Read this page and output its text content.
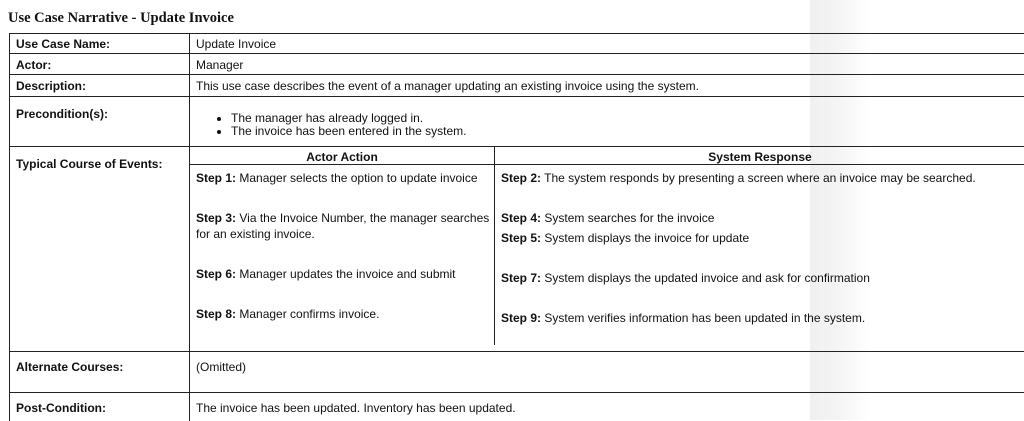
Use Case Narrative - Update Invoice
Use Case Name:	Update Invoice
Actor:	Manager
Description:	This use case describes the event of a manager updating an existing invoice using the system.
Precondition(s):
•	The manager has already logged in.
• The invoice has been entered in the system.
Typical Course of Events:	Actor Action	System Response
Step 1: Manager selects the option to update invoice
Step 3: Via the Invoice Number, the manager searches
for an existing invoice.
Step 6: Manager updates the invoice and submit
Step 8: Manager confirms invoice.
Step 2: The system responds by presenting a screen where an invoice may be searched.
Step 4: System searches for the invoice
Step 5: System displays the invoice for update
Step 7: System displays the updated invoice and ask for confirmation
Step 9: System verifies information has been updated in the system.
Alternate Courses:	(Omitted)
Post-Condition:	The invoice has been updated. Inventory has been updated.
